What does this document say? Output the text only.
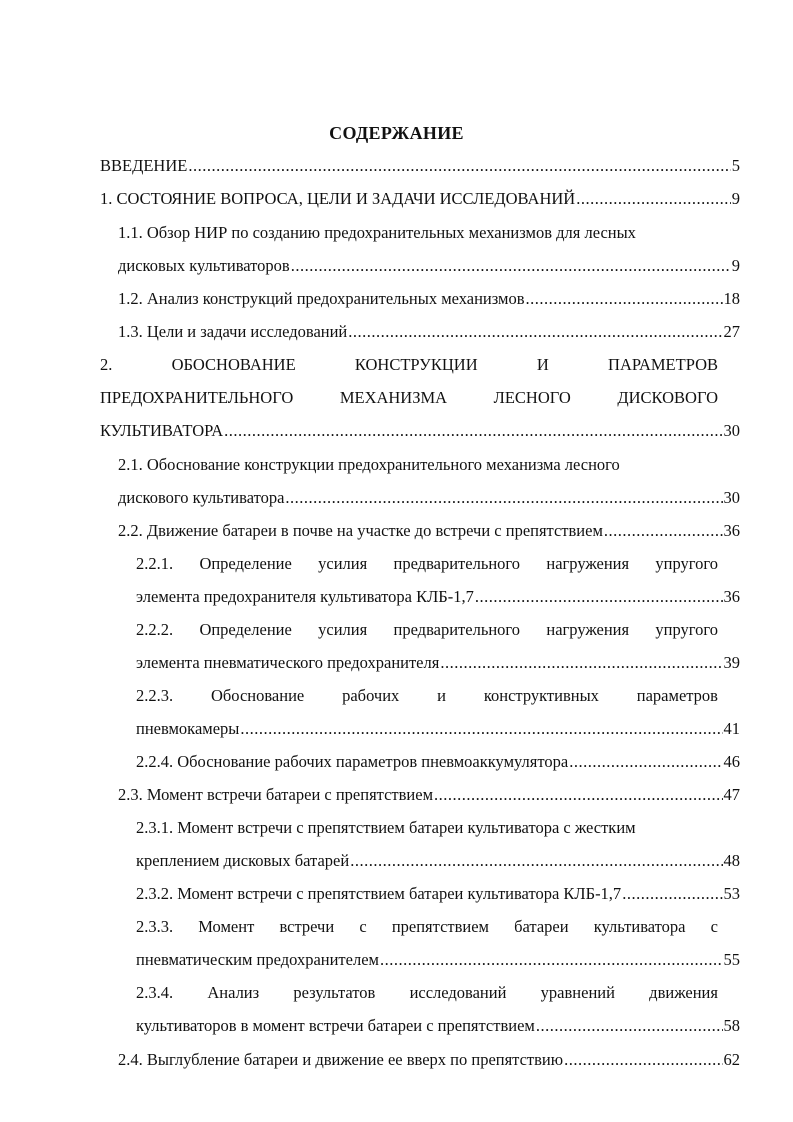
СОДЕРЖАНИЕ
ВВЕДЕНИЕ .....	5
1. СОСТОЯНИЕ ВОПРОСА, ЦЕЛИ И ЗАДАЧИ ИССЛЕДОВАНИЙ .....	9
1.1. Обзор НИР по созданию предохранительных механизмов для лесных
дисковых культиваторов .....	9
1.2. Анализ конструкций предохранительных механизмов .....	18
1.3. Цели и задачи исследований .....	27
2.	ОБОСНОВАНИЕ	КОНСТРУКЦИИ	И	ПАРАМЕТРОВ
ПРЕДОХРАНИТЕЛЬНОГО	МЕХАНИЗМА	ЛЕСНОГО	ДИСКОВОГО
КУЛЬТИВАТОРА .....	30
2.1. Обоснование конструкции предохранительного механизма лесного
дискового культиватора .....	30
2.2. Движение батареи в почве на участке до встречи с препятствием .....	36
2.2.1. Определение усилия предварительного нагружения упругого
элемента предохранителя культиватора КЛБ-1,7 .....	36
2.2.2. Определение усилия предварительного нагружения упругого
элемента пневматического предохранителя .....	39
2.2.3. Обоснование рабочих и конструктивных параметров
пневмокамеры .....	41
2.2.4. Обоснование рабочих параметров пневмоаккумулятора .....	46
2.3. Момент встречи батареи с препятствием .....	47
2.3.1. Момент встречи с препятствием батареи культиватора с жестким
креплением дисковых батарей .....	48
2.3.2. Момент встречи с препятствием батареи культиватора КЛБ-1,7 .....	53
2.3.3. Момент встречи с препятствием батареи культиватора с
пневматическим предохранителем .....	55
2.3.4. Анализ результатов исследований уравнений движения
культиваторов в момент встречи батареи с препятствием .....	58
2.4. Выглубление батареи и движение ее вверх по препятствию .....	62
